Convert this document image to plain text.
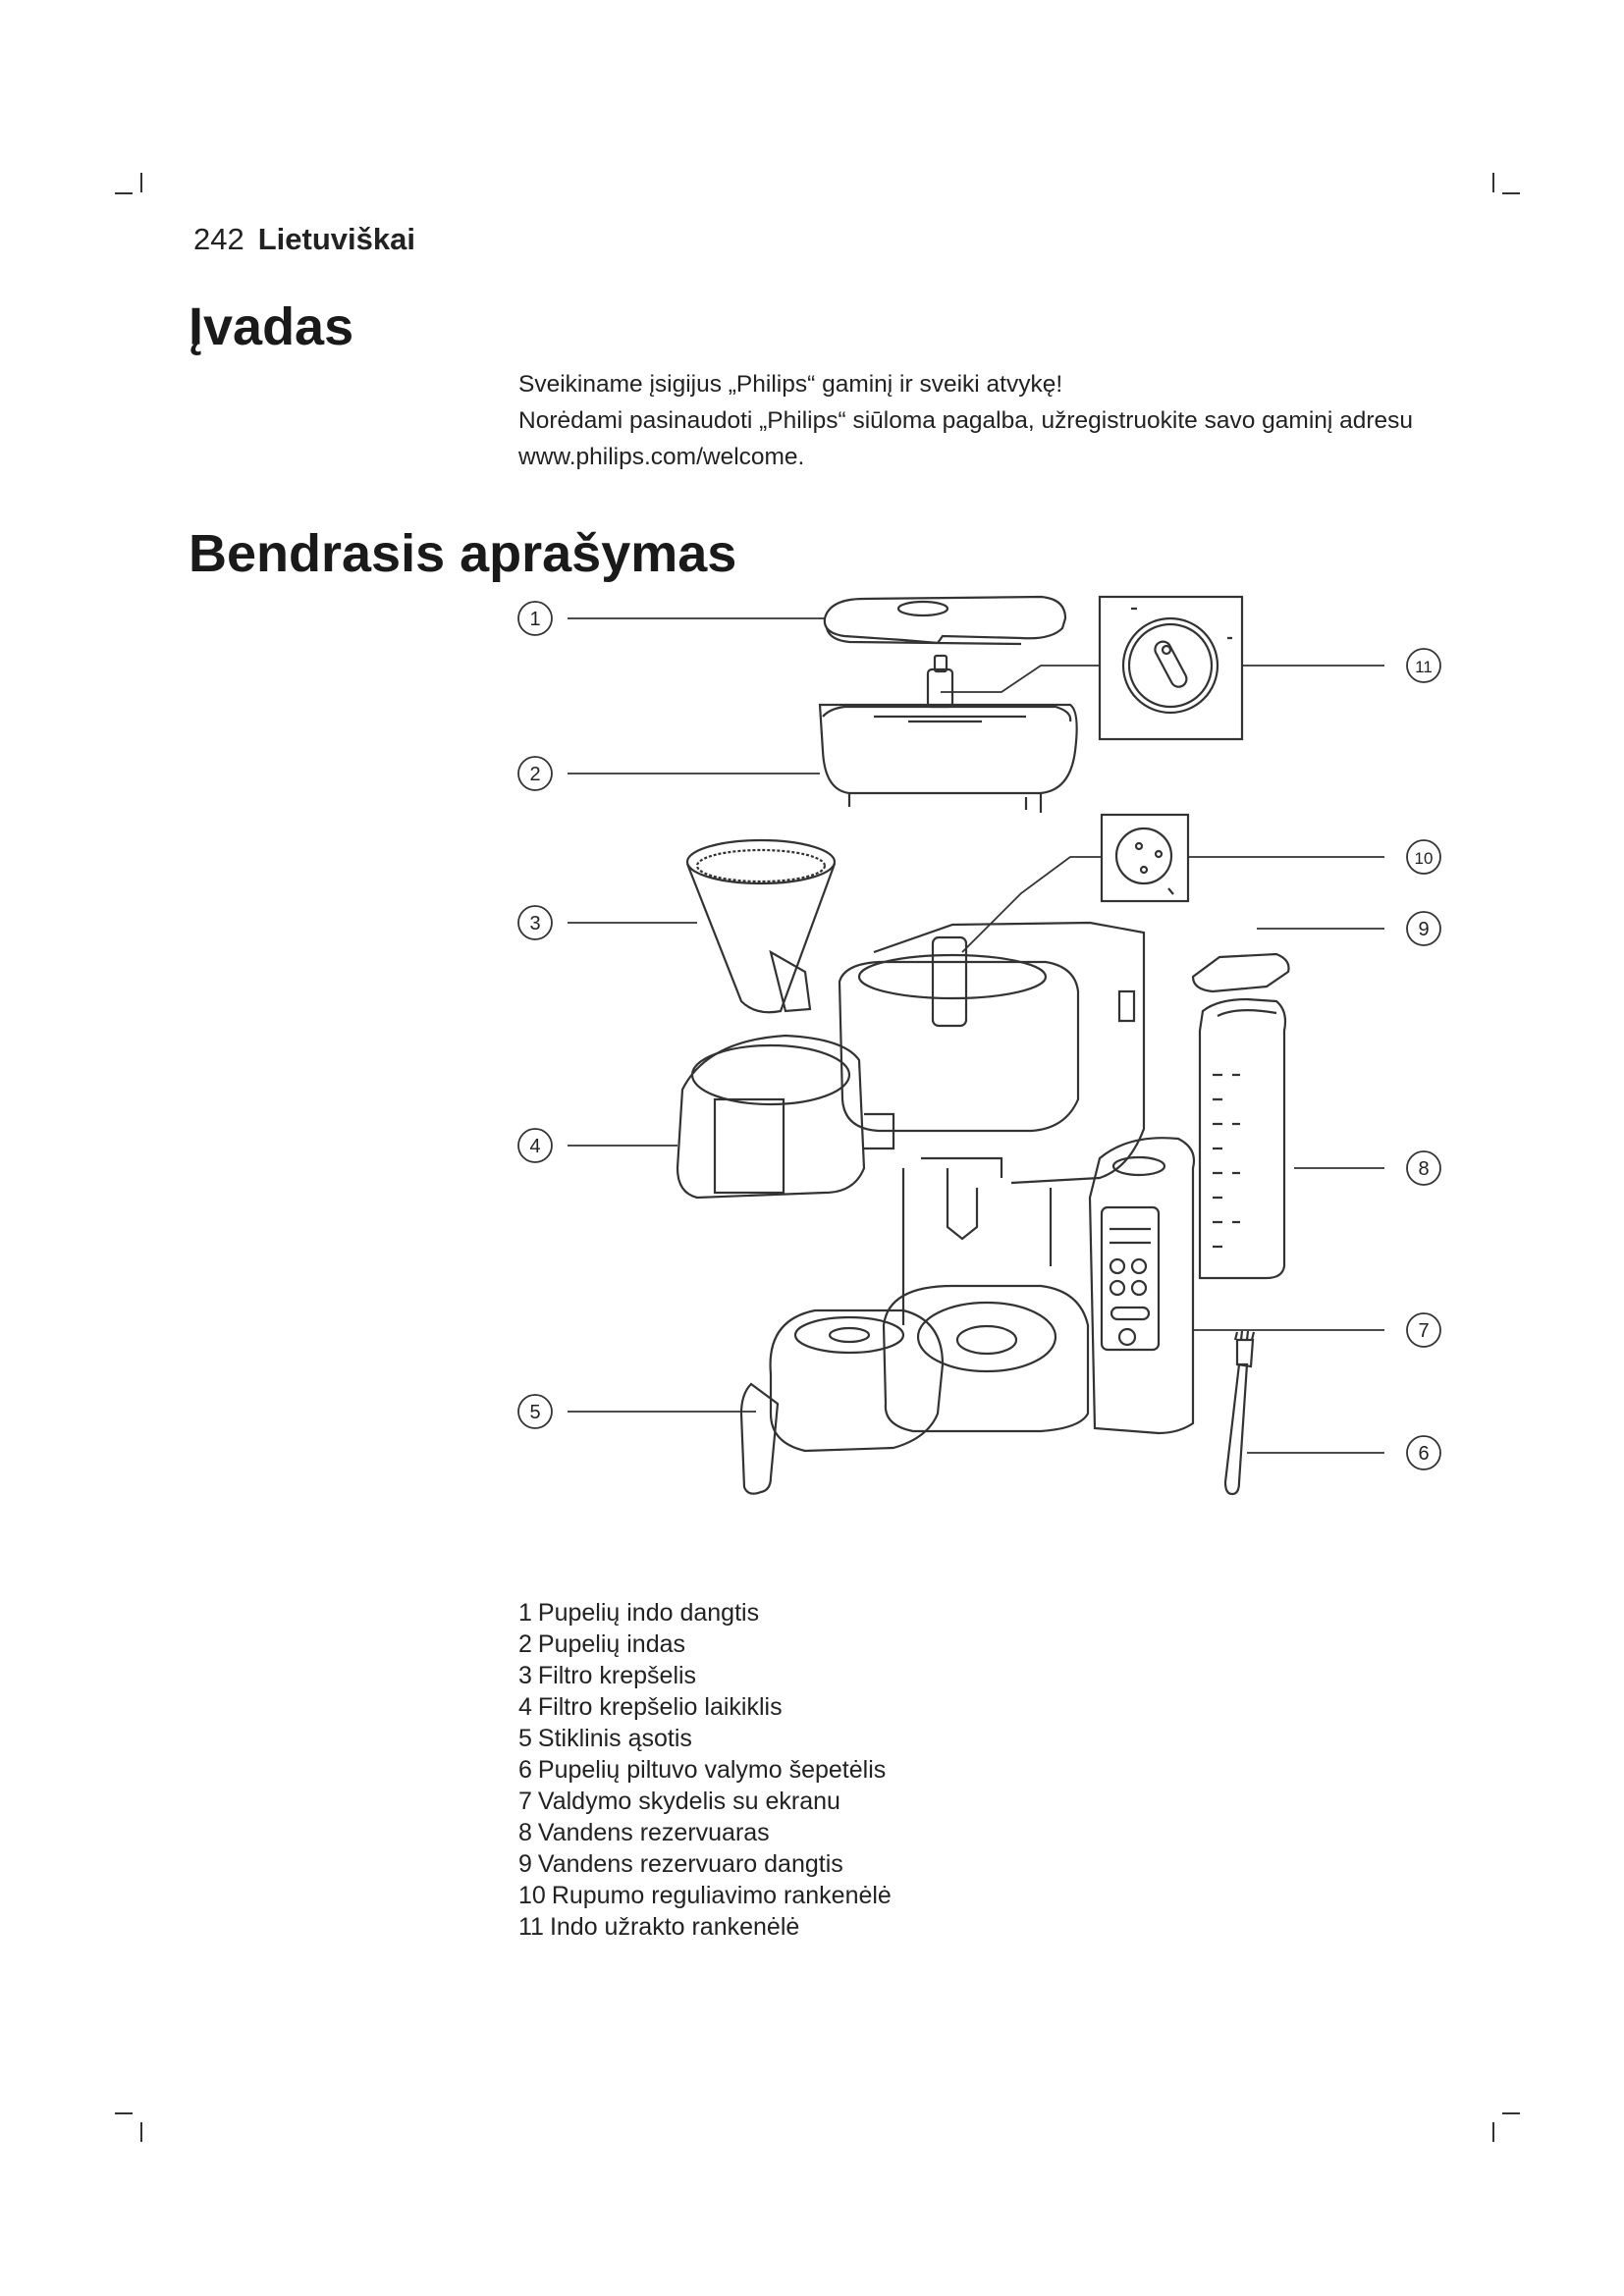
242 Lietuviškai
Įvadas

Sveikiname įsigijus „Philips“ gaminį ir sveiki atvykę!

Norėdami pasinaudoti „Philips“ siūloma pagalba, užregistruokite savo gaminį adresu www.philips.com/welcome.

Bendrasis aprašymas
1
2
3
4
5
6
7
8
9
10
11
1 Pupelių indo dangtis
2 Pupelių indas
3 Filtro krepšelis
4 Filtro krepšelio laikiklis
5 Stiklinis ąsotis
6 Pupelių piltuvo valymo šepetėlis
7 Valdymo skydelis su ekranu
8 Vandens rezervuaras
9 Vandens rezervuaro dangtis
10 Rupumo reguliavimo rankenėlė
11 Indo užrakto rankenėlė
